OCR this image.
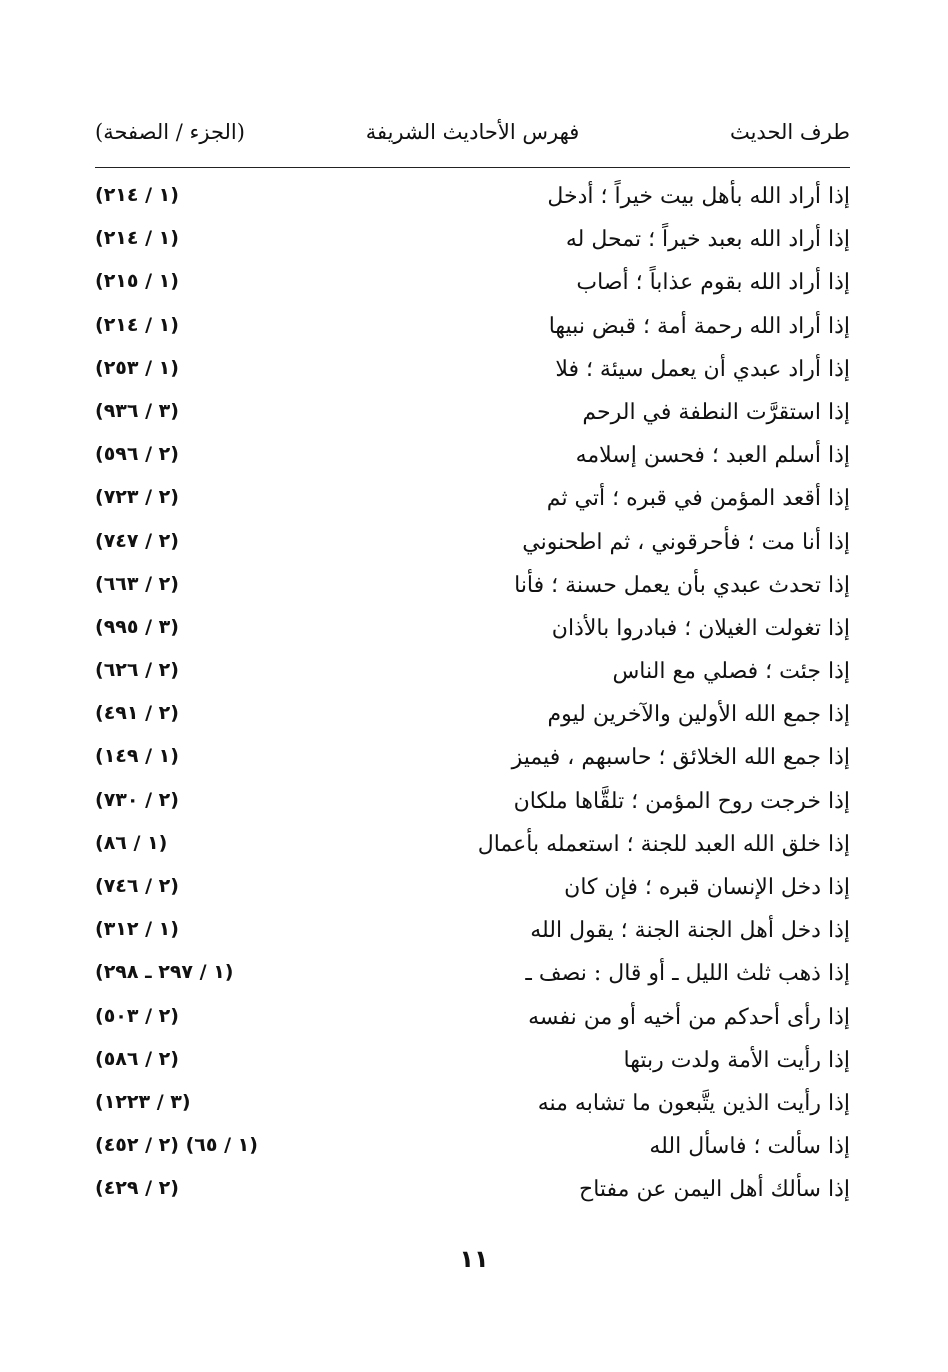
طرف الحديث
فهرس الأحاديث الشريفة
(الجزء / الصفحة)
إذا أراد الله بأهل بيت خيراً ؛ أدخل
(١ / ٢١٤)
إذا أراد الله بعبد خيراً ؛ تمحل له
(١ / ٢١٤)
إذا أراد الله بقوم عذاباً ؛ أصاب
(١ / ٢١٥)
إذا أراد الله رحمة أمة ؛ قبض نبيها
(١ / ٢١٤)
إذا أراد عبدي أن يعمل سيئة ؛ فلا
(١ / ٢٥٣)
إذا استقرَّت النطفة في الرحم
(٣ / ٩٣٦)
إذا أسلم العبد ؛ فحسن إسلامه
(٢ / ٥٩٦)
إذا أقعد المؤمن في قبره ؛ أتي ثم
(٢ / ٧٢٣)
إذا أنا مت ؛ فأحرقوني ، ثم اطحنوني
(٢ / ٧٤٧)
إذا تحدث عبدي بأن يعمل حسنة ؛ فأنا
(٢ / ٦٦٣)
إذا تغولت الغيلان ؛ فبادروا بالأذان
(٣ / ٩٩٥)
إذا جئت ؛ فصلي مع الناس
(٢ / ٦٢٦)
إذا جمع الله الأولين والآخرين ليوم
(٢ / ٤٩١)
إذا جمع الله الخلائق ؛ حاسبهم ، فيميز
(١ / ١٤٩)
إذا خرجت روح المؤمن ؛ تلقَّاها ملكان
(٢ / ٧٣٠)
إذا خلق الله العبد للجنة ؛ استعمله بأعمال
(١ / ٨٦)
إذا دخل الإنسان قبره ؛ فإن كان
(٢ / ٧٤٦)
إذا دخل أهل الجنة الجنة ؛ يقول الله
(١ / ٣١٢)
إذا ذهب ثلث الليل ـ أو قال : نصف ـ
(١ / ٢٩٧ ـ ٢٩٨)
إذا رأى أحدكم من أخيه أو من نفسه
(٢ / ٥٠٣)
إذا رأيت الأمة ولدت ربتها
(٢ / ٥٨٦)
إذا رأيت الذين يتَّبعون ما تشابه منه
(٣ / ١٢٢٣)
إذا سألت ؛ فاسأل الله
(١ / ٦٥) (٢ / ٤٥٢)
إذا سألك أهل اليمن عن مفتاح
(٢ / ٤٢٩)
١١
